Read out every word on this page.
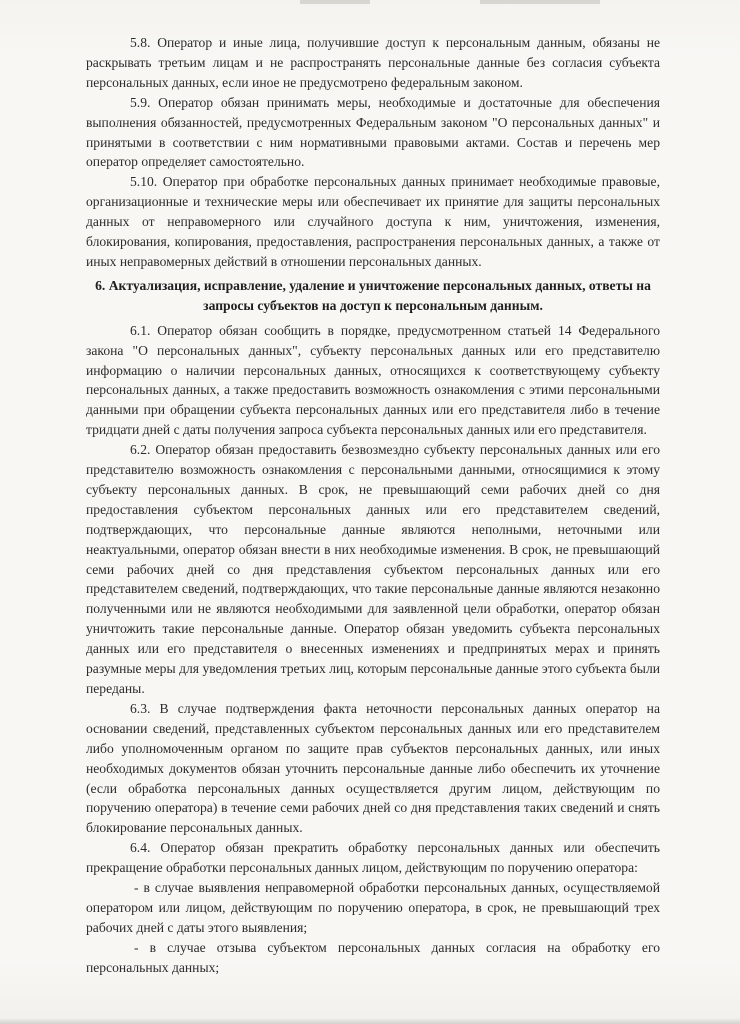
5.8. Оператор и иные лица, получившие доступ к персональным данным, обязаны не раскрывать третьим лицам и не распространять персональные данные без согласия субъекта персональных данных, если иное не предусмотрено федеральным законом.

5.9. Оператор обязан принимать меры, необходимые и достаточные для обеспечения выполнения обязанностей, предусмотренных Федеральным законом "О персональных данных" и принятыми в соответствии с ним нормативными правовыми актами. Состав и перечень мер оператор определяет самостоятельно.

5.10. Оператор при обработке персональных данных принимает необходимые правовые, организационные и технические меры или обеспечивает их принятие для защиты персональных данных от неправомерного или случайного доступа к ним, уничтожения, изменения, блокирования, копирования, предоставления, распространения персональных данных, а также от иных неправомерных действий в отношении персональных данных.

6. Актуализация, исправление, удаление и уничтожение персональных данных, ответы на запросы субъектов на доступ к персональным данным.

6.1. Оператор обязан сообщить в порядке, предусмотренном статьей 14 Федерального закона "О персональных данных", субъекту персональных данных или его представителю информацию о наличии персональных данных, относящихся к соответствующему субъекту персональных данных, а также предоставить возможность ознакомления с этими персональными данными при обращении субъекта персональных данных или его представителя либо в течение тридцати дней с даты получения запроса субъекта персональных данных или его представителя.

6.2. Оператор обязан предоставить безвозмездно субъекту персональных данных или его представителю возможность ознакомления с персональными данными, относящимися к этому субъекту персональных данных. В срок, не превышающий семи рабочих дней со дня предоставления субъектом персональных данных или его представителем сведений, подтверждающих, что персональные данные являются неполными, неточными или неактуальными, оператор обязан внести в них необходимые изменения. В срок, не превышающий семи рабочих дней со дня представления субъектом персональных данных или его представителем сведений, подтверждающих, что такие персональные данные являются незаконно полученными или не являются необходимыми для заявленной цели обработки, оператор обязан уничтожить такие персональные данные. Оператор обязан уведомить субъекта персональных данных или его представителя о внесенных изменениях и предпринятых мерах и принять разумные меры для уведомления третьих лиц, которым персональные данные этого субъекта были переданы.

6.3. В случае подтверждения факта неточности персональных данных оператор на основании сведений, представленных субъектом персональных данных или его представителем либо уполномоченным органом по защите прав субъектов персональных данных, или иных необходимых документов обязан уточнить персональные данные либо обеспечить их уточнение (если обработка персональных данных осуществляется другим лицом, действующим по поручению оператора) в течение семи рабочих дней со дня представления таких сведений и снять блокирование персональных данных.

6.4. Оператор обязан прекратить обработку персональных данных или обеспечить прекращение обработки персональных данных лицом, действующим по поручению оператора:

- в случае выявления неправомерной обработки персональных данных, осуществляемой оператором или лицом, действующим по поручению оператора, в срок, не превышающий трех рабочих дней с даты этого выявления;

- в случае отзыва субъектом персональных данных согласия на обработку его персональных данных;
